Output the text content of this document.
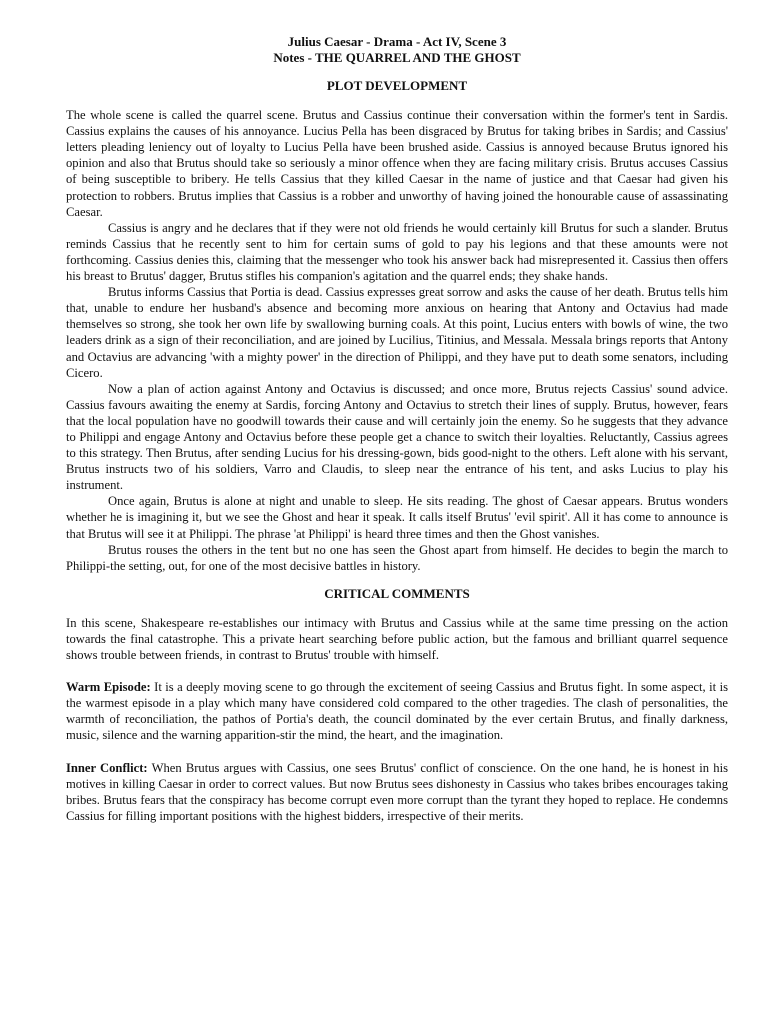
Julius Caesar - Drama - Act IV, Scene 3
Notes - THE QUARREL AND THE GHOST
PLOT DEVELOPMENT

The whole scene is called the quarrel scene. Brutus and Cassius continue their conversation within the former's tent in Sardis. Cassius explains the causes of his annoyance. Lucius Pella has been disgraced by Brutus for taking bribes in Sardis; and Cassius' letters pleading leniency out of loyalty to Lucius Pella have been brushed aside. Cassius is annoyed because Brutus ignored his opinion and also that Brutus should take so seriously a minor offence when they are facing military crisis. Brutus accuses Cassius of being susceptible to bribery. He tells Cassius that they killed Caesar in the name of justice and that Caesar had given his protection to robbers. Brutus implies that Cassius is a robber and unworthy of having joined the honourable cause of assassinating Caesar.

Cassius is angry and he declares that if they were not old friends he would certainly kill Brutus for such a slander. Brutus reminds Cassius that he recently sent to him for certain sums of gold to pay his legions and that these amounts were not forthcoming. Cassius denies this, claiming that the messenger who took his answer back had misrepresented it. Cassius then offers his breast to Brutus' dagger, Brutus stifles his companion's agitation and the quarrel ends; they shake hands.

Brutus informs Cassius that Portia is dead. Cassius expresses great sorrow and asks the cause of her death. Brutus tells him that, unable to endure her husband's absence and becoming more anxious on hearing that Antony and Octavius had made themselves so strong, she took her own life by swallowing burning coals. At this point, Lucius enters with bowls of wine, the two leaders drink as a sign of their reconciliation, and are joined by Lucilius, Titinius, and Messala. Messala brings reports that Antony and Octavius are advancing 'with a mighty power' in the direction of Philippi, and they have put to death some senators, including Cicero.

Now a plan of action against Antony and Octavius is discussed; and once more, Brutus rejects Cassius' sound advice. Cassius favours awaiting the enemy at Sardis, forcing Antony and Octavius to stretch their lines of supply. Brutus, however, fears that the local population have no goodwill towards their cause and will certainly join the enemy. So he suggests that they advance to Philippi and engage Antony and Octavius before these people get a chance to switch their loyalties. Reluctantly, Cassius agrees to this strategy. Then Brutus, after sending Lucius for his dressing-gown, bids good-night to the others. Left alone with his servant, Brutus instructs two of his soldiers, Varro and Claudis, to sleep near the entrance of his tent, and asks Lucius to play his instrument.

Once again, Brutus is alone at night and unable to sleep. He sits reading. The ghost of Caesar appears. Brutus wonders whether he is imagining it, but we see the Ghost and hear it speak. It calls itself Brutus' 'evil spirit'. All it has come to announce is that Brutus will see it at Philippi. The phrase 'at Philippi' is heard three times and then the Ghost vanishes.

Brutus rouses the others in the tent but no one has seen the Ghost apart from himself. He decides to begin the march to Philippi-the setting, out, for one of the most decisive battles in history.

CRITICAL COMMENTS

In this scene, Shakespeare re-establishes our intimacy with Brutus and Cassius while at the same time pressing on the action towards the final catastrophe. This a private heart searching before public action, but the famous and brilliant quarrel sequence shows trouble between friends, in contrast to Brutus' trouble with himself.

Warm Episode: It is a deeply moving scene to go through the excitement of seeing Cassius and Brutus fight. In some aspect, it is the warmest episode in a play which many have considered cold compared to the other tragedies. The clash of personalities, the warmth of reconciliation, the pathos of Portia's death, the council dominated by the ever certain Brutus, and finally darkness, music, silence and the warning apparition-stir the mind, the heart, and the imagination.

Inner Conflict: When Brutus argues with Cassius, one sees Brutus' conflict of conscience. On the one hand, he is honest in his motives in killing Caesar in order to correct values. But now Brutus sees dishonesty in Cassius who takes bribes encourages taking bribes. Brutus fears that the conspiracy has become corrupt even more corrupt than the tyrant they hoped to replace. He condemns Cassius for filling important positions with the highest bidders, irrespective of their merits.
